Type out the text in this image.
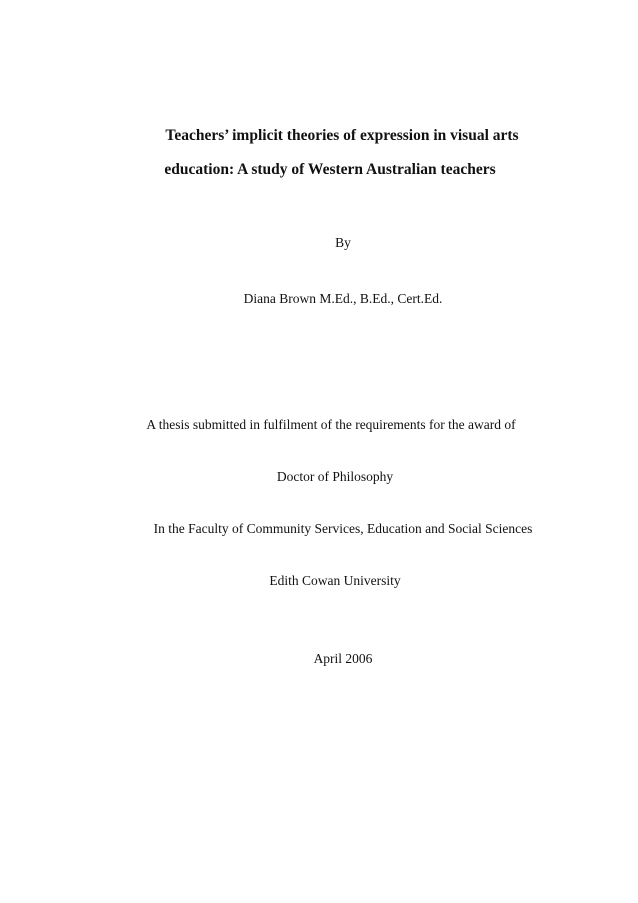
Teachers’ implicit theories of expression in visual arts
education: A study of Western Australian teachers
By
Diana Brown M.Ed., B.Ed., Cert.Ed.
A thesis submitted in fulfilment of the requirements for the award of
Doctor of Philosophy
In the Faculty of Community Services, Education and Social Sciences
Edith Cowan University
April 2006
